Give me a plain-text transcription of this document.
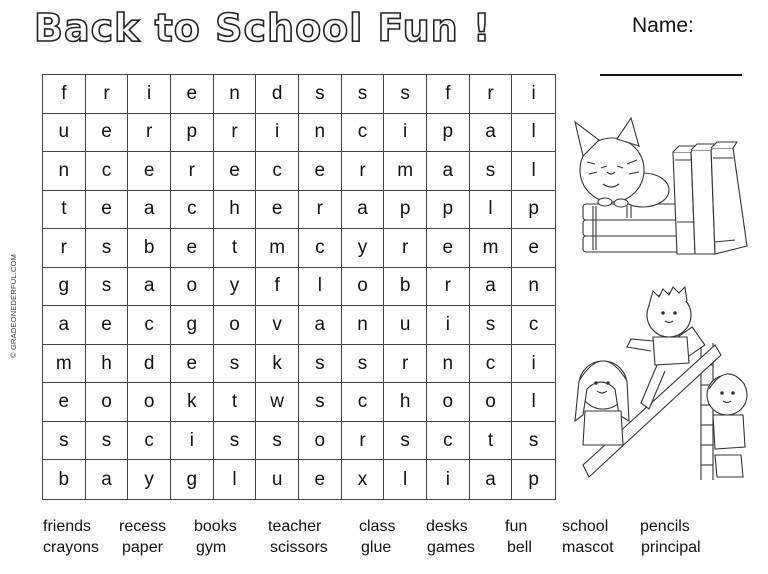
Back to School Fun !	Name:
© GRADEONEDERFUL.COM
f	r	i	e	n	d	s	s	s	f	r	i
u	e	r	p	r	i	n	c	i	p	a	l
n	c	e	r	e	c	e	r	m	a	s	l
t	e	a	c	h	e	r	a	p	p	l	p
r	s	b	e	t	m	c	y	r	e	m	e
g	s	a	o	y	f	l	o	b	r	a	n
a	e	c	g	o	v	a	n	u	i	s	c
m	h	d	e	s	k	s	s	r	n	c	i
e	o	o	k	t	w	s	c	h	o	o	l
s	s	c	i	s	s	o	r	s	c	t	s
b	a	y	g	l	u	e	x	l	i	a	p
friends recess books teacher class desks fun school pencils
crayons paper gym	scissors glue games bell mascot principal
